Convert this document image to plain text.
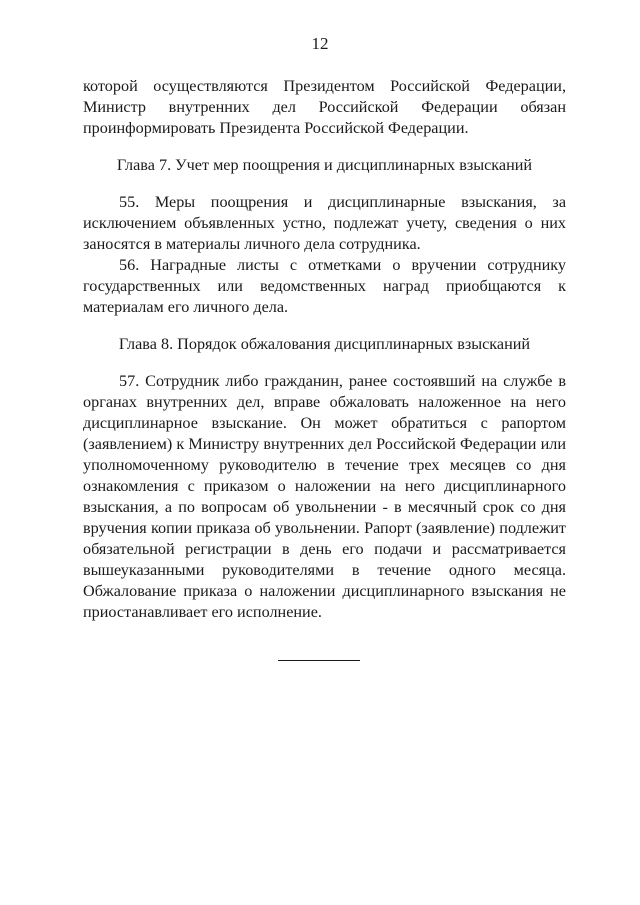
12

которой осуществляются Президентом Российской Федерации, Министр внутренних дел Российской Федерации обязан проинформировать Президента Российской Федерации.

Глава 7. Учет мер поощрения и дисциплинарных взысканий

55. Меры поощрения и дисциплинарные взыскания, за исключением объявленных устно, подлежат учету, сведения о них заносятся в материалы личного дела сотрудника.

56. Наградные листы с отметками о вручении сотруднику государственных или ведомственных наград приобщаются к материалам его личного дела.

Глава 8. Порядок обжалования дисциплинарных взысканий

57. Сотрудник либо гражданин, ранее состоявший на службе в органах внутренних дел, вправе обжаловать наложенное на него дисциплинарное взыскание. Он может обратиться с рапортом (заявлением) к Министру внутренних дел Российской Федерации или уполномоченному руководителю в течение трех месяцев со дня ознакомления с приказом о наложении на него дисциплинарного взыскания, а по вопросам об увольнении - в месячный срок со дня вручения копии приказа об увольнении. Рапорт (заявление) подлежит обязательной регистрации в день его подачи и рассматривается вышеуказанными руководителями в течение одного месяца. Обжалование приказа о наложении дисциплинарного взыскания не приостанавливает его исполнение.
